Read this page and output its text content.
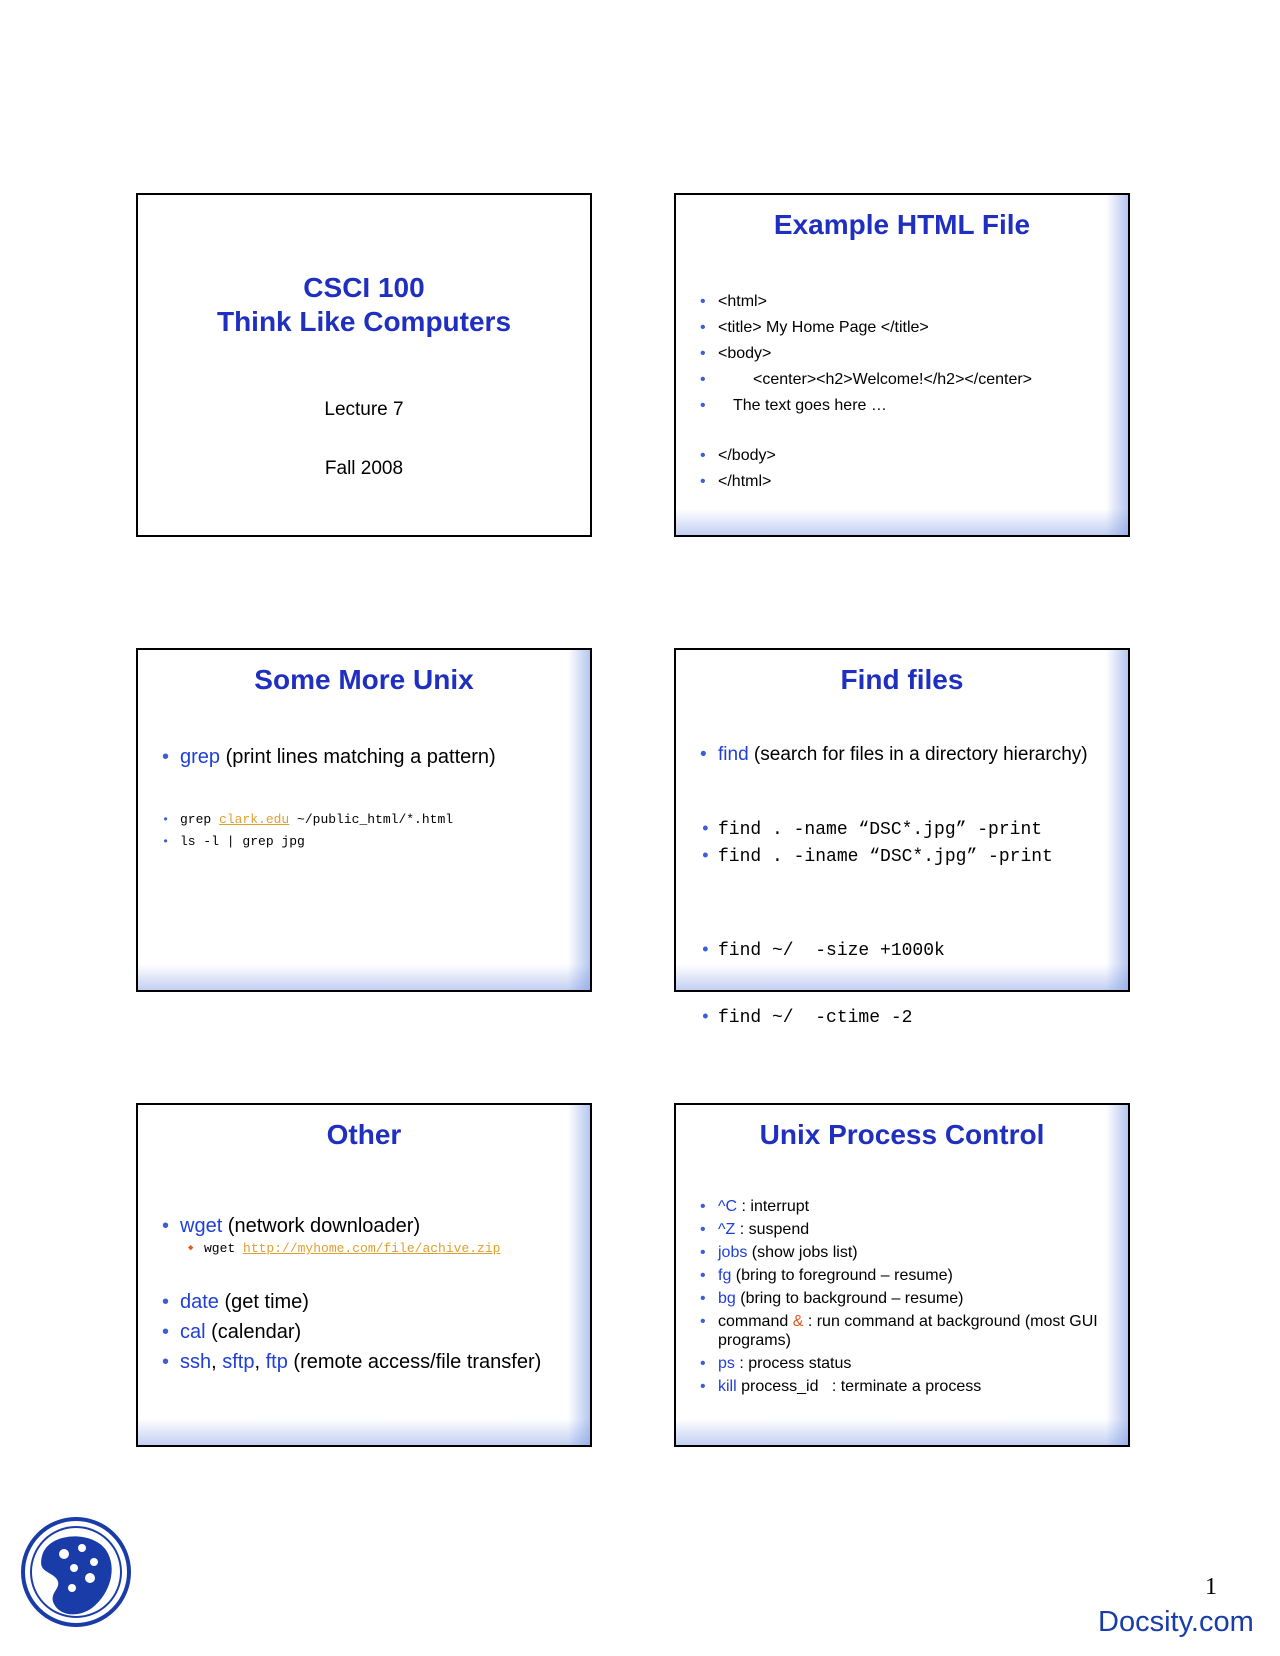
CSCI 100
Think Like Computers
Lecture 7
Fall 2008
Example HTML File
• <html>
• <title> My Home Page </title>
• <body>
• <center><h2>Welcome!</h2></center>
• The text goes here …
• </body>
• </html>
Some More Unix
• grep (print lines matching a pattern)
• grep clark.edu ~/public_html/*.html
• ls -l | grep jpg
Find files
• find (search for files in a directory hierarchy)
• find . -name “DSC*.jpg” -print
• find . -iname “DSC*.jpg” -print

• find ~/  -size +1000k

• find ~/  -ctime -2

Other
• wget (network downloader)
◆ wget http://myhome.com/file/achive.zip
• date (get time)
• cal (calendar)
• ssh, sftp, ftp (remote access/file transfer)
Unix Process Control
• ^C : interrupt
• ^Z : suspend
• jobs (show jobs list)
• fg (bring to foreground – resume)
• bg (bring to background – resume)
• command & : run command at background (most GUI programs)
• ps : process status
• kill process_id   : terminate a process
1
Docsity.com
